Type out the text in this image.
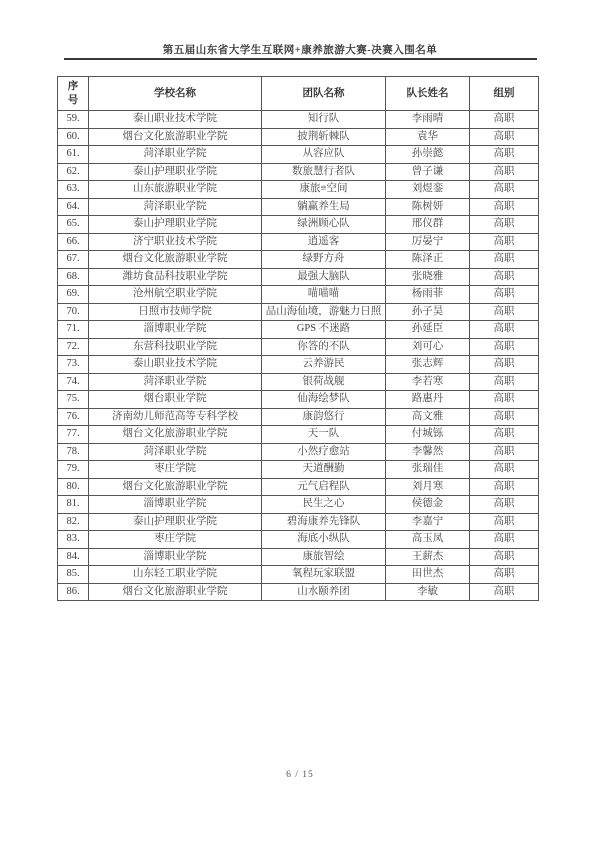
第五届山东省大学生互联网+康养旅游大赛-决赛入围名单
序号	学校名称	团队名称	队长姓名	组别
59.	泰山职业技术学院	知行队	李雨晴	高职
60.	烟台文化旅游职业学院	披荆斩棘队	袁华	高职
61.	菏泽职业学院	从容应队	孙崇懿	高职
62.	泰山护理职业学院	数旅慧行者队	曾子谦	高职
63.	山东旅游职业学院	康旅≡空间	刘煜銮	高职
64.	菏泽职业学院	躺赢养生局	陈树妍	高职
65.	泰山护理职业学院	绿洲顾心队	邢仪群	高职
66.	济宁职业技术学院	逍遥客	厉晏宁	高职
67.	烟台文化旅游职业学院	绿野方舟	陈泽正	高职
68.	潍坊食品科技职业学院	最强大脑队	张晓雅	高职
69.	沧州航空职业学院	喵喵喵	杨雨菲	高职
70.	日照市技师学院	品山海仙境，游魅力日照	孙子昊	高职
71.	淄博职业学院	GPS 不迷路	孙延臣	高职
72.	东营科技职业学院	你答的不队	刘可心	高职
73.	泰山职业技术学院	云养游民	张志辉	高职
74.	菏泽职业学院	银荷战舰	李若寒	高职
75.	烟台职业学院	仙海绘梦队	路惠丹	高职
76.	济南幼儿师范高等专科学校	康韵悠行	高文雅	高职
77.	烟台文化旅游职业学院	天一队	付城铄	高职
78.	菏泽职业学院	小然疗愈站	李馨然	高职
79.	枣庄学院	天道酬勤	张瑞佳	高职
80.	烟台文化旅游职业学院	元气启程队	刘月寒	高职
81.	淄博职业学院	民生之心	侯德金	高职
82.	泰山护理职业学院	碧海康养先锋队	李嘉宁	高职
83.	枣庄学院	海底小纵队	高玉凤	高职
84.	淄博职业学院	康旅智绘	王薪杰	高职
85.	山东轻工职业学院	氧程玩家联盟	田世杰	高职
86.	烟台文化旅游职业学院	山水颐养团	李敏	高职
6 / 15
